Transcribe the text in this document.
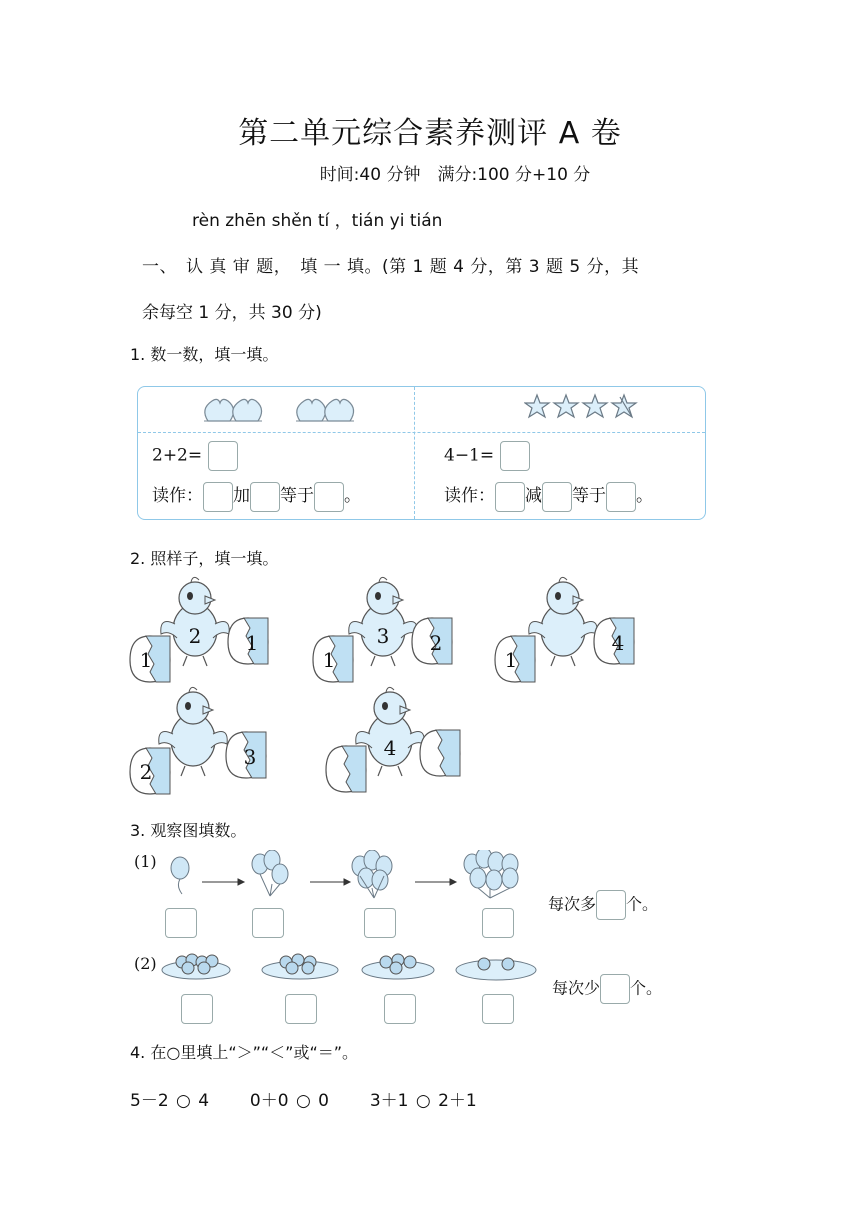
第二单元综合素养测评 A 卷
时间:40 分钟　满分:100 分+10 分
rèn zhēn shěn tí ，tián yi tián
一、　认 真 审 题，　填 一 填。(第 1 题 4 分，第 3 题 5 分，其
余每空 1 分，共 30 分)
1. 数一数，填一填。
2+2=
读作： 加 等于 。
4−1=
读作： 减 等于 。
2. 照样子，填一填。
2
1
1	3
1
2
1
4
2
3	4
3. 观察图填数。
(1)
每次多 个。
(2)
每次少 个。
4. 在○里填上“＞”“＜”或“＝”。
5－2 ○ 4 0＋0 ○ 0 3＋1 ○ 2＋1
